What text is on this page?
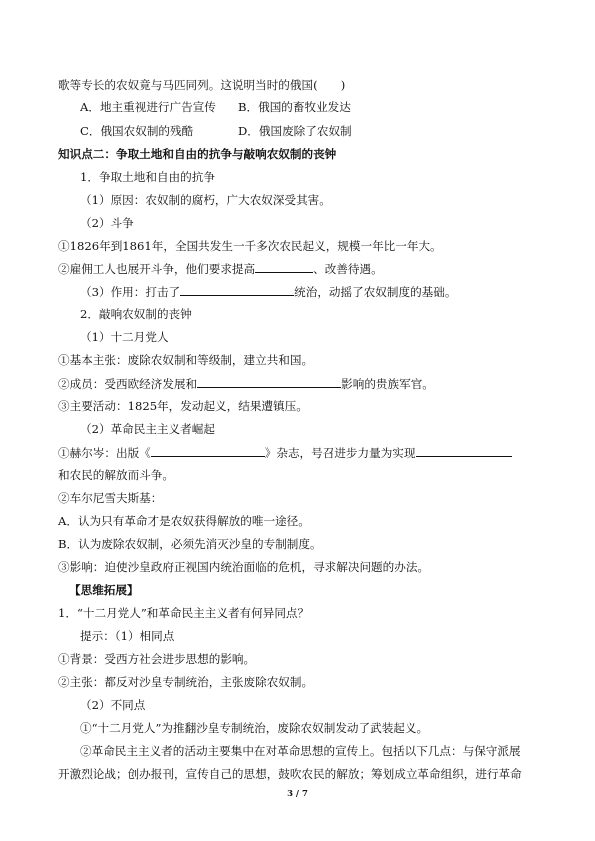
歌等专长的农奴竟与马匹同列。这说明当时的俄国(　　)
A．地主重视进行广告宣传 B．俄国的畜牧业发达
C．俄国农奴制的残酷	D．俄国废除了农奴制
知识点二：争取土地和自由的抗争与敲响农奴制的丧钟
1．争取土地和自由的抗争
（1）原因：农奴制的腐朽，广大农奴深受其害。
（2）斗争
①1826年到1861年，全国共发生一千多次农民起义，规模一年比一年大。
②雇佣工人也展开斗争，他们要求提高	、改善待遇。
（3）作用：打击了	统治，动摇了农奴制度的基础。
2．敲响农奴制的丧钟
（1）十二月党人
①基本主张：废除农奴制和等级制，建立共和国。
②成员：受西欧经济发展和	影响的贵族军官。
③主要活动：1825年，发动起义，结果遭镇压。
（2）革命民主主义者崛起
①赫尔岑：出版《	》杂志，号召进步力量为实现
和农民的解放而斗争。
②车尔尼雪夫斯基：
A．认为只有革命才是农奴获得解放的唯一途径。
B．认为废除农奴制，必须先消灭沙皇的专制制度。
③影响：迫使沙皇政府正视国内统治面临的危机，寻求解决问题的办法。
【思维拓展】
1．“十二月党人”和革命民主主义者有何异同点？
提示：（1）相同点
①背景：受西方社会进步思想的影响。
②主张：都反对沙皇专制统治，主张废除农奴制。
（2）不同点
①“十二月党人”为推翻沙皇专制统治，废除农奴制发动了武装起义。
②革命民主主义者的活动主要集中在对革命思想的宣传上。包括以下几点：与保守派展
开激烈论战；创办报刊，宣传自己的思想，鼓吹农民的解放；筹划成立革命组织，进行革命
3 / 7
